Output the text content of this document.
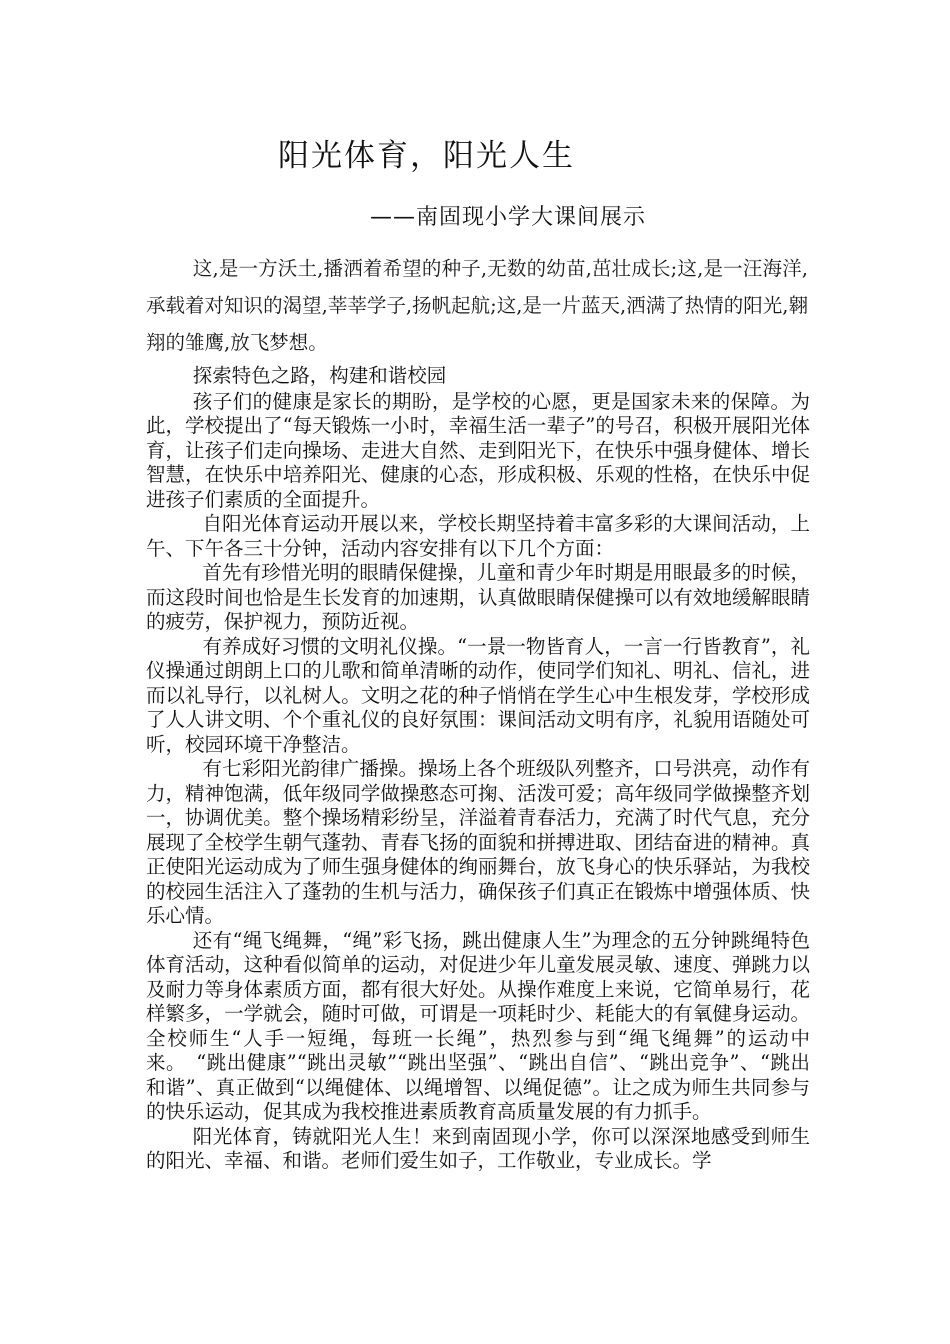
阳光体育，阳光人生
——南固现小学大课间展示

这,是一方沃土,播洒着希望的种子,无数的幼苗,茁壮成长;这,是一汪海洋,承载着对知识的渴望,莘莘学子,扬帆起航;这,是一片蓝天,洒满了热情的阳光,翱翔的雏鹰,放飞梦想。

探索特色之路，构建和谐校园

孩子们的健康是家长的期盼，是学校的心愿，更是国家未来的保障。为此，学校提出了“每天锻炼一小时，幸福生活一辈子”的号召，积极开展阳光体育，让孩子们走向操场、走进大自然、走到阳光下，在快乐中强身健体、增长智慧，在快乐中培养阳光、健康的心态，形成积极、乐观的性格，在快乐中促进孩子们素质的全面提升。

自阳光体育运动开展以来，学校长期坚持着丰富多彩的大课间活动，上午、下午各三十分钟，活动内容安排有以下几个方面：

首先有珍惜光明的眼睛保健操，儿童和青少年时期是用眼最多的时候，而这段时间也恰是生长发育的加速期，认真做眼睛保健操可以有效地缓解眼睛的疲劳，保护视力，预防近视。

有养成好习惯的文明礼仪操。“一景一物皆育人，一言一行皆教育”，礼仪操通过朗朗上口的儿歌和简单清晰的动作，使同学们知礼、明礼、信礼，进而以礼导行，以礼树人。文明之花的种子悄悄在学生心中生根发芽，学校形成了人人讲文明、个个重礼仪的良好氛围：课间活动文明有序，礼貌用语随处可听，校园环境干净整洁。

有七彩阳光韵律广播操。操场上各个班级队列整齐，口号洪亮，动作有力，精神饱满，低年级同学做操憨态可掬、活泼可爱；高年级同学做操整齐划一，协调优美。整个操场精彩纷呈，洋溢着青春活力，充满了时代气息，充分展现了全校学生朝气蓬勃、青春飞扬的面貌和拼搏进取、团结奋进的精神。真正使阳光运动成为了师生强身健体的绚丽舞台，放飞身心的快乐驿站，为我校的校园生活注入了蓬勃的生机与活力，确保孩子们真正在锻炼中增强体质、快乐心情。

还有“绳飞绳舞，“绳”彩飞扬，跳出健康人生”为理念的五分钟跳绳特色体育活动，这种看似简单的运动，对促进少年儿童发展灵敏、速度、弹跳力以及耐力等身体素质方面，都有很大好处。从操作难度上来说，它简单易行，花样繁多，一学就会，随时可做，可谓是一项耗时少、耗能大的有氧健身运动。全校师生“人手一短绳，每班一长绳”，热烈参与到“绳飞绳舞”的运动中来。　“跳出健康”“跳出灵敏”“跳出坚强”、“跳出自信”、“跳出竞争”、“跳出和谐”、真正做到“以绳健体、以绳增智、以绳促德”。让之成为师生共同参与的快乐运动，促其成为我校推进素质教育高质量发展的有力抓手。

阳光体育，铸就阳光人生！来到南固现小学，你可以深深地感受到师生的阳光、幸福、和谐。老师们爱生如子，工作敬业，专业成长。学
